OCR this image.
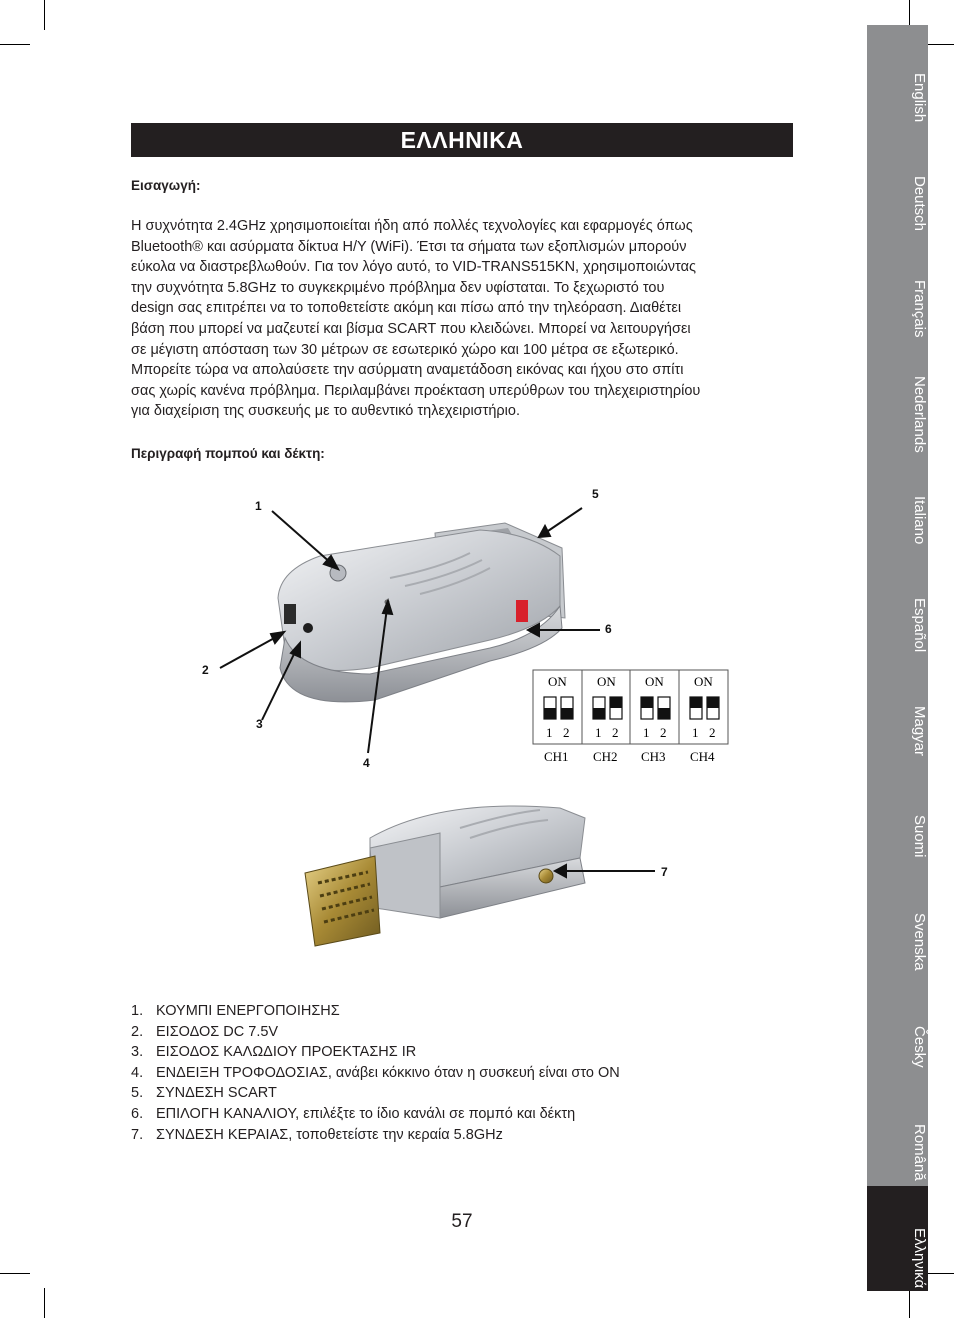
English
Deutsch
Français
Nederlands
Italiano
Español
Magyar
Suomi
Svenska
Česky
Română
Ελληνικά
ΕΛΛΗΝΙΚΑ
Εισαγωγή:
Η συχνότητα 2.4GHz χρησιμοποιείται ήδη από πολλές τεχνολογίες και εφαρμογές όπως
Bluetooth® και ασύρματα δίκτυα Η/Υ (WiFi). Έτσι τα σήματα των εξοπλισμών μπορούν
εύκολα να διαστρεβλωθούν. Για τον λόγο αυτό, το VID-TRANS515KN, χρησιμοποιώντας
την συχνότητα 5.8GHz το συγκεκριμένο πρόβλημα δεν υφίσταται. Το ξεχωριστό του
design σας επιτρέπει να το τοποθετείστε ακόμη και πίσω από την τηλεόραση. Διαθέτει
βάση που μπορεί να μαζευτεί και βίσμα SCART που κλειδώνει. Μπορεί να λειτουργήσει
σε μέγιστη απόσταση των 30 μέτρων σε εσωτερικό χώρο και 100 μέτρα σε εξωτερικό.
Μπορείτε τώρα να απολαύσετε την ασύρματη αναμετάδοση εικόνας και ήχου στο σπίτι
σας χωρίς κανένα πρόβλημα. Περιλαμβάνει προέκταση υπερύθρων του τηλεχειριστηρίου
για διαχείριση της συσκευής με το αυθεντικό τηλεχειριστήριο.
Περιγραφή πομπού και δέκτη:
ON
1 2
CH1
ON
1 2
CH2
ON
1 2
CH3
ON
1 2
CH4
1
5
2
3
4
6
7
1. ΚΟΥΜΠΙ ΕΝΕΡΓΟΠΟΙΗΣΗΣ
2. ΕΙΣΟΔΟΣ DC 7.5V
3. ΕΙΣΟΔΟΣ ΚΑΛΩΔΙΟΥ ΠΡΟΕΚΤΑΣΗΣ IR
4. ΕΝΔΕΙΞΗ ΤΡΟΦΟΔΟΣΙΑΣ, ανάβει κόκκινο όταν η συσκευή είναι στο ON
5. ΣΥΝΔΕΣΗ SCART
6. ΕΠΙΛΟΓΗ ΚΑΝΑΛΙΟΥ, επιλέξτε το ίδιο κανάλι σε πομπό και δέκτη
7. ΣΥΝΔΕΣΗ ΚΕΡΑΙΑΣ, τοποθετείστε την κεραία 5.8GHz
57
